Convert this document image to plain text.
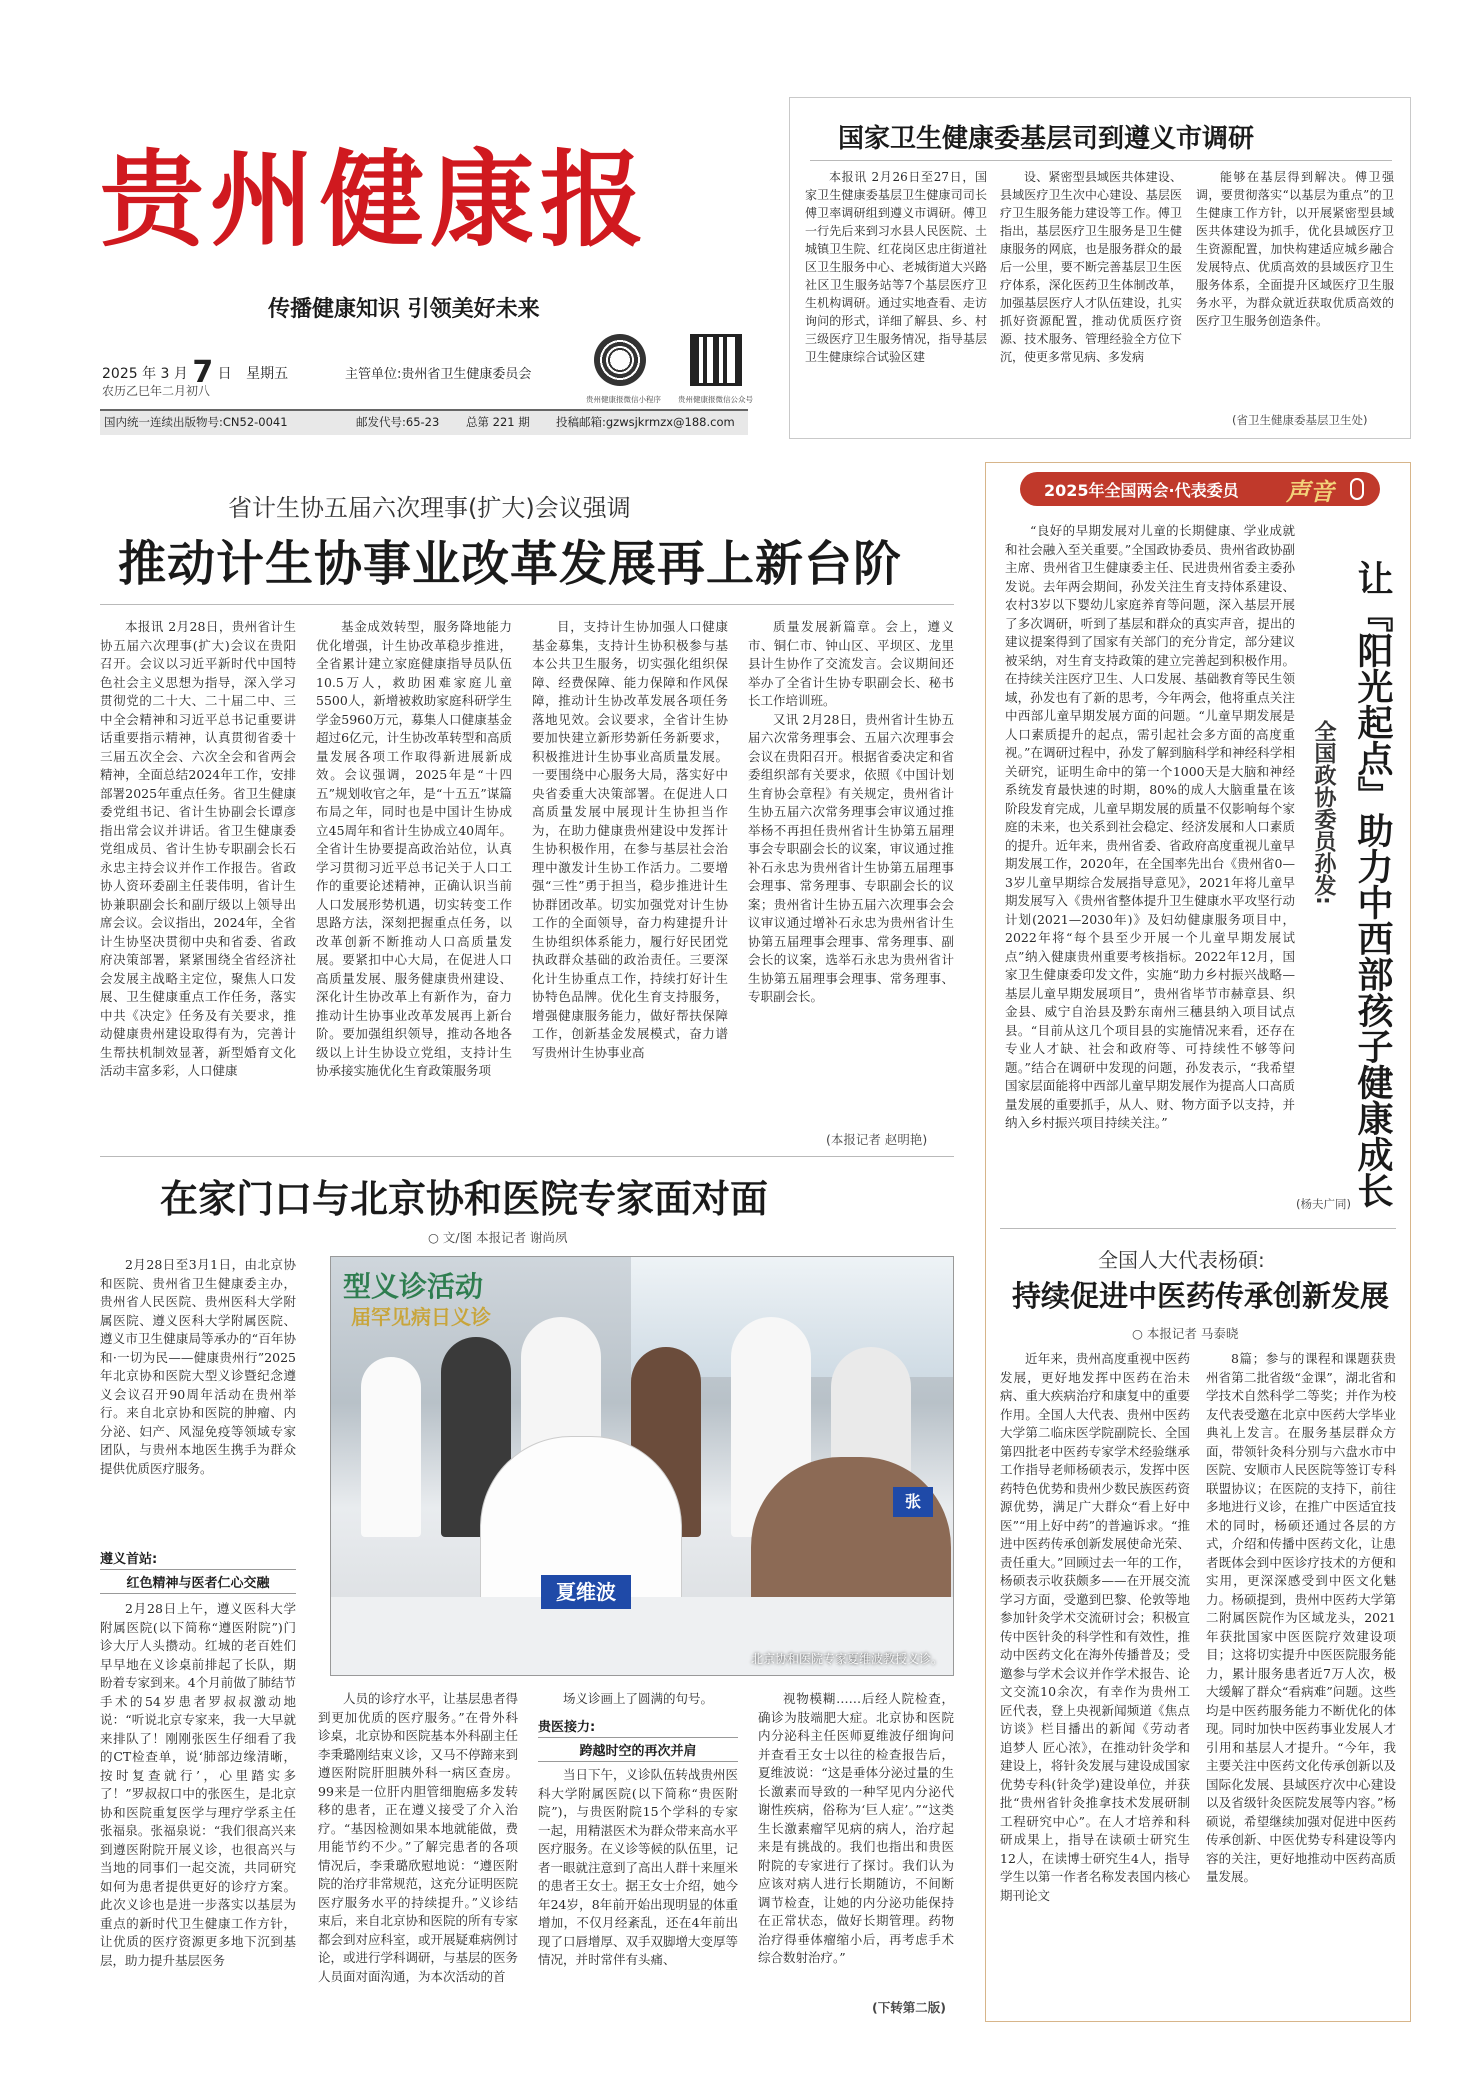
贵州健康报
传播健康知识 引领美好未来
2025 年 3 月 7 日 星期五
农历乙巳年二月初八
主管单位:贵州省卫生健康委员会
贵州健康报微信小程序 贵州健康报微信公众号
国内统一连续出版物号:CN52-0041	邮发代号:65-23 总第 221 期 投稿邮箱:gzwsjkrmzx@188.com
国家卫生健康委基层司到遵义市调研

本报讯 2月26日至27日，国家卫生健康委基层卫生健康司司长傅卫率调研组到遵义市调研。傅卫一行先后来到习水县人民医院、土城镇卫生院、红花岗区忠庄街道社区卫生服务中心、老城街道大兴路社区卫生服务站等7个基层医疗卫生机构调研。通过实地查看、走访询问的形式，详细了解县、乡、村三级医疗卫生服务情况，指导基层卫生健康综合试验区建

设、紧密型县域医共体建设、县域医疗卫生次中心建设、基层医疗卫生服务能力建设等工作。傅卫指出，基层医疗卫生服务是卫生健康服务的网底，也是服务群众的最后一公里，要不断完善基层卫生医疗体系，深化医药卫生体制改革，加强基层医疗人才队伍建设，扎实抓好资源配置，推动优质医疗资源、技术服务、管理经验全方位下沉，使更多常见病、多发病

能够在基层得到解决。傅卫强调，要贯彻落实“以基层为重点”的卫生健康工作方针，以开展紧密型县域医共体建设为抓手，优化县域医疗卫生资源配置，加快构建适应城乡融合发展特点、优质高效的县域医疗卫生服务体系，全面提升区域医疗卫生服务水平，为群众就近获取优质高效的医疗卫生服务创造条件。

(省卫生健康委基层卫生处)
省计生协五届六次理事(扩大)会议强调
推动计生协事业改革发展再上新台阶

本报讯 2月28日，贵州省计生协五届六次理事(扩大)会议在贵阳召开。会议以习近平新时代中国特色社会主义思想为指导，深入学习贯彻党的二十大、二十届二中、三中全会精神和习近平总书记重要讲话重要指示精神，认真贯彻省委十三届五次全会、六次全会和省两会精神，全面总结2024年工作，安排部署2025年重点任务。省卫生健康委党组书记、省计生协副会长谭彦指出常会议并讲话。省卫生健康委党组成员、省计生协专职副会长石永忠主持会议并作工作报告。省政协人资环委副主任裴伟明，省计生协兼职副会长和副厅级以上领导出席会议。会议指出，2024年，全省计生协坚决贯彻中央和省委、省政府决策部署，紧紧围绕全省经济社会发展主战略主定位，聚焦人口发展、卫生健康重点工作任务，落实中共《决定》任务及有关要求，推动健康贵州建设取得有为，完善计生帮扶机制效显著，新型婚育文化活动丰富多彩，人口健康

基金成效转型，服务降地能力优化增强，计生协改革稳步推进，全省累计建立家庭健康指导员队伍10.5万人，救助困难家庭儿童5500人，新增被救助家庭科研学生学金5960万元，募集人口健康基金超过6亿元，计生协改革转型和高质量发展各项工作取得新进展新成效。会议强调，2025年是“十四五”规划收官之年，是“十五五”谋篇布局之年，同时也是中国计生协成立45周年和省计生协成立40周年。全省计生协要提高政治站位，认真学习贯彻习近平总书记关于人口工作的重要论述精神，正确认识当前人口发展形势机遇，切实转变工作思路方法，深刻把握重点任务，以改革创新不断推动人口高质量发展。要紧扣中心大局，在促进人口高质量发展、服务健康贵州建设、深化计生协改革上有新作为，奋力推动计生协事业改革发展再上新台阶。要加强组织领导，推动各地各级以上计生协设立党组，支持计生协承接实施优化生育政策服务项

目，支持计生协加强人口健康基金募集，支持计生协积极参与基本公共卫生服务，切实强化组织保障、经费保障、能力保障和作风保障，推动计生协改革发展各项任务落地见效。会议要求，全省计生协要加快建立新形势新任务新要求，积极推进计生协事业高质量发展。一要围绕中心服务大局，落实好中央省委重大决策部署。在促进人口高质量发展中展现计生协担当作为，在助力健康贵州建设中发挥计生协积极作用，在参与基层社会治理中激发计生协工作活力。二要增强“三性”勇于担当，稳步推进计生协群团改革。切实加强党对计生协工作的全面领导，奋力构建提升计生协组织体系能力，履行好民团党执政群众基础的政治责任。三要深化计生协重点工作，持续打好计生协特色品牌。优化生育支持服务，增强健康服务能力，做好帮扶保障工作，创新基金发展模式，奋力谱写贵州计生协事业高

质量发展新篇章。会上，遵义市、铜仁市、钟山区、平坝区、龙里县计生协作了交流发言。会议期间还举办了全省计生协专职副会长、秘书长工作培训班。

又讯 2月28日，贵州省计生协五届六次常务理事会、五届六次理事会会议在贵阳召开。根据省委决定和省委组织部有关要求，依照《中国计划生育协会章程》有关规定，贵州省计生协五届六次常务理事会审议通过推举杨不再担任贵州省计生协第五届理事会专职副会长的议案，审议通过推补石永忠为贵州省计生协第五届理事会理事、常务理事、专职副会长的议案；贵州省计生协五届六次理事会会议审议通过增补石永忠为贵州省计生协第五届理事会理事、常务理事、副会长的议案，选举石永忠为贵州省计生协第五届理事会理事、常务理事、专职副会长。

(本报记者 赵明艳)
在家门口与北京协和医院专家面对面
○ 文/图 本报记者 谢尚夙

2月28日至3月1日，由北京协和医院、贵州省卫生健康委主办，贵州省人民医院、贵州医科大学附属医院、遵义医科大学附属医院、遵义市卫生健康局等承办的“百年协和·一切为民——健康贵州行”2025年北京协和医院大型义诊暨纪念遵义会议召开90周年活动在贵州举行。来自北京协和医院的肿瘤、内分泌、妇产、风湿免疫等领域专家团队，与贵州本地医生携手为群众提供优质医疗服务。

遵义首站:
红色精神与医者仁心交融

2月28日上午，遵义医科大学附属医院(以下简称“遵医附院”)门诊大厅人头攒动。红城的老百姓们早早地在义诊桌前排起了长队，期盼着专家到来。4个月前做了肺结节手术的54岁患者罗叔叔激动地说：“听说北京专家来，我一大早就来排队了！刚刚张医生仔细看了我的CT检查单，说‘肺部边缘清晰，按时复查就行’，心里踏实多了！”罗叔叔口中的张医生，是北京协和医院重复医学与理疗学系主任张福泉。张福泉说：“我们很高兴来到遵医附院开展义诊，也很高兴与当地的同事们一起交流，共同研究如何为患者提供更好的诊疗方案。此次义诊也是进一步落实以基层为重点的新时代卫生健康工作方针，让优质的医疗资源更多地下沉到基层，助力提升基层医务

型义诊活动
届罕见病日义诊
夏维波
张
北京协和医院专家夏维波教授义诊。

人员的诊疗水平，让基层患者得到更加优质的医疗服务。”在骨外科诊桌，北京协和医院基本外科副主任李秉璐刚结束义诊，又马不停蹄来到遵医附院肝胆胰外科一病区查房。99来是一位肝内胆管细胞癌多发转移的患者，正在遵义接受了介入治疗。“基因检测如果本地就能做，费用能节约不少。”了解完患者的各项情况后，李秉璐欣慰地说：“遵医附院的治疗非常规范，这充分证明医院医疗服务水平的持续提升。”义诊结束后，来自北京协和医院的所有专家都会到对应科室，或开展疑难病例讨论，或进行学科调研，与基层的医务人员面对面沟通，为本次活动的首

场义诊画上了圆满的句号。

贵医接力:
跨越时空的再次并肩

当日下午，义诊队伍转战贵州医科大学附属医院(以下简称“贵医附院”)，与贵医附院15个学科的专家一起，用精湛医术为群众带来高水平医疗服务。在义诊等候的队伍里，记者一眼就注意到了高出人群十来厘米的患者王女士。据王女士介绍，她今年24岁，8年前开始出现明显的体重增加，不仅月经紊乱，还在4年前出现了口唇增厚、双手双脚增大变厚等情况，并时常伴有头痛、

视物模糊……后经人院检查，确诊为肢端肥大症。北京协和医院内分泌科主任医师夏维波仔细询问并查看王女士以往的检查报告后，夏维波说：“这是垂体分泌过量的生长激素而导致的一种罕见内分泌代谢性疾病，俗称为‘巨人症’。”“这类生长激素瘤罕见病的病人，治疗起来是有挑战的。我们也指出和贵医附院的专家进行了探讨。我们认为应该对病人进行长期随访，不间断调节检查，让她的内分泌功能保持在正常状态，做好长期管理。药物治疗得垂体瘤缩小后，再考虑手术综合数射治疗。”

(下转第二版)
2025年全国两会·代表委员 声音
让『阳光起点』助力中西部孩子健康成长
全国政协委员孙发:

“良好的早期发展对儿童的长期健康、学业成就和社会融入至关重要。”全国政协委员、贵州省政协副主席、贵州省卫生健康委主任、民进贵州省委主委孙发说。去年两会期间，孙发关注生育支持体系建设、农村3岁以下婴幼儿家庭养育等问题，深入基层开展了多次调研，听到了基层和群众的真实声音，提出的建议提案得到了国家有关部门的充分肯定，部分建议被采纳，对生育支持政策的建立完善起到积极作用。在持续关注医疗卫生、人口发展、基础教育等民生领域，孙发也有了新的思考，今年两会，他将重点关注中西部儿童早期发展方面的问题。“儿童早期发展是人口素质提升的起点，需引起社会多方面的高度重视。”在调研过程中，孙发了解到脑科学和神经科学相关研究，证明生命中的第一个1000天是大脑和神经系统发育最快速的时期，80%的成人大脑重量在该阶段发育完成，儿童早期发展的质量不仅影响每个家庭的未来，也关系到社会稳定、经济发展和人口素质的提升。近年来，贵州省委、省政府高度重视儿童早期发展工作，2020年，在全国率先出台《贵州省0—3岁儿童早期综合发展指导意见》，2021年将儿童早期发展写入《贵州省整体提升卫生健康水平攻坚行动计划(2021—2030年)》及妇幼健康服务项目中，2022年将“每个县至少开展一个儿童早期发展试点”纳入健康贵州重要考核指标。2022年12月，国家卫生健康委印发文件，实施“助力乡村振兴战略—基层儿童早期发展项目”，贵州省毕节市赫章县、织金县、威宁自治县及黔东南州三穗县纳入项目试点县。“目前从这几个项目县的实施情况来看，还存在专业人才缺、社会和政府等、可持续性不够等问题。”结合在调研中发现的问题，孙发表示，“我希望国家层面能将中西部儿童早期发展作为提高人口高质量发展的重要抓手，从人、财、物方面予以支持，并纳入乡村振兴项目持续关注。”

(杨夫广同)
全国人大代表杨碩:
持续促进中医药传承创新发展
○ 本报记者 马泰晓

近年来，贵州高度重视中医药发展，更好地发挥中医药在治未病、重大疾病治疗和康复中的重要作用。全国人大代表、贵州中医药大学第二临床医学院副院长、全国第四批老中医药专家学术经验继承工作指导老师杨硕表示，发挥中医药特色优势和贵州少数民族医药资源优势，满足广大群众“看上好中医”“用上好中药”的普遍诉求。“推进中医药传承创新发展使命光荣、责任重大。”回顾过去一年的工作，杨硕表示收获颇多——在开展交流学习方面，受邀到巴黎、伦敦等地参加针灸学术交流研讨会；积极宣传中医针灸的科学性和有效性，推动中医药文化在海外传播普及；受邀参与学术会议并作学术报告、论文交流10余次，有幸作为贵州工匠代表，登上央视新闻频道《焦点访谈》栏目播出的新闻《劳动者 追梦人 匠心浓》，在推动针灸学和建设上，将针灸发展与建设成国家优势专科(针灸学)建设单位，并获批“贵州省针灸推拿技术发展研制工程研究中心”。在人才培养和科研成果上，指导在读硕士研究生12人，在读博士研究生4人，指导学生以第一作者名称发表国内核心期刊论文

8篇；参与的课程和课题获贵州省第二批省级“金课”，湖北省和学技术自然科学二等奖；并作为校友代表受邀在北京中医药大学毕业典礼上发言。在服务基层群众方面，带领针灸科分别与六盘水市中医院、安顺市人民医院等签订专科联盟协议；在医院的支持下，前往多地进行义诊，在推广中医适宜技术的同时，杨硕还通过各层的方式，介绍和传播中医药文化，让患者既体会到中医诊疗技术的方便和实用，更深深感受到中医文化魅力。杨硕提到，贵州中医药大学第二附属医院作为区域龙头，2021年获批国家中医医院疗效建设项目；这将切实提升中医医院服务能力，累计服务患者近7万人次，极大缓解了群众“看病难”问题。这些均是中医药服务能力不断优化的体现。同时加快中医药事业发展人才引用和基层人才提升。“今年，我主要关注中医药文化传承创新以及国际化发展、县域医疗次中心建设以及省级针灸医院发展等内容。”杨硕说，希望继续加强对促进中医药传承创新、中医优势专科建设等内容的关注，更好地推动中医药高质量发展。
